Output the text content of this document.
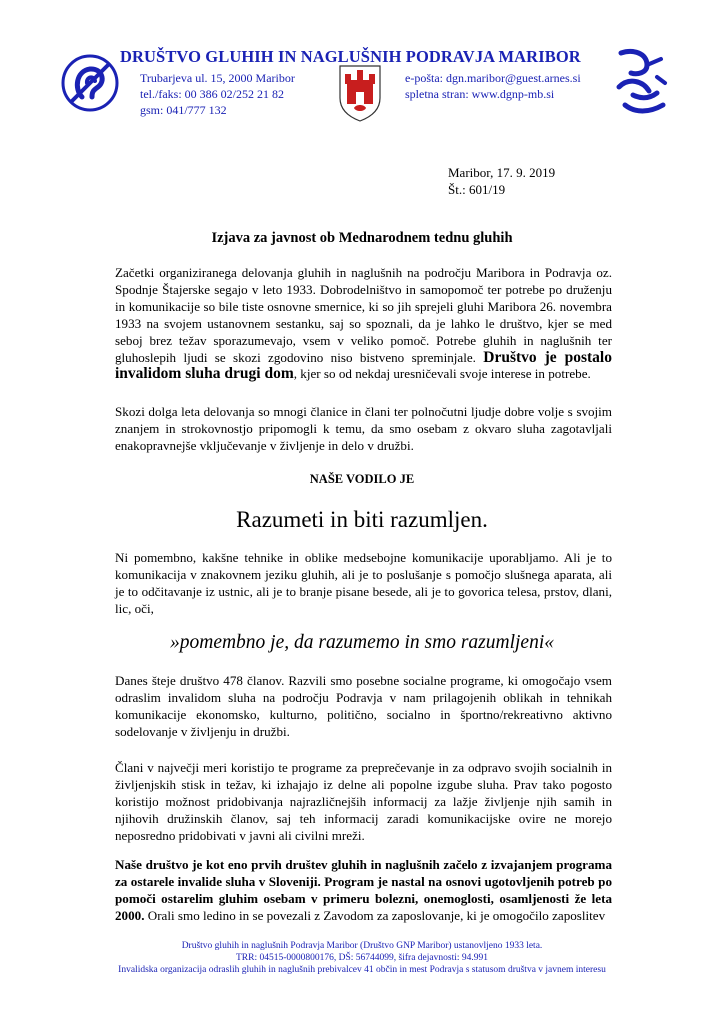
DRUŠTVO GLUHIH IN NAGLUŠNIH PODRAVJA MARIBOR
Trubarjeva ul. 15, 2000 Maribor
tel./faks: 00 386 02/252 21 82
gsm: 041/777 132
e-pošta: dgn.maribor@guest.arnes.si
spletna stran: www.dgnp-mb.si
Maribor, 17. 9. 2019
Št.: 601/19
Izjava za javnost ob Mednarodnem tednu gluhih
Začetki organiziranega delovanja gluhih in naglušnih na področju Maribora in Podravja oz. Spodnje Štajerske segajo v leto 1933. Dobrodelništvo in samopomoč ter potrebe po druženju in komunikacije so bile tiste osnovne smernice, ki so jih sprejeli gluhi Maribora 26. novembra 1933 na svojem ustanovnem sestanku, saj so spoznali, da je lahko le društvo, kjer se med seboj brez težav sporazumevajo, vsem v veliko pomoč. Potrebe gluhih in naglušnih ter gluhoslepih ljudi se skozi zgodovino niso bistveno spreminjale. Društvo je postalo invalidom sluha drugi dom, kjer so od nekdaj uresničevali svoje interese in potrebe.
Skozi dolga leta delovanja so mnogi članice in člani ter polnočutni ljudje dobre volje s svojim znanjem in strokovnostjo pripomogli k temu, da smo osebam z okvaro sluha zagotavljali enakopravnejše vključevanje v življenje in delo v družbi.
NAŠE VODILO JE
Razumeti in biti razumljen.
Ni pomembno, kakšne tehnike in oblike medsebojne komunikacije uporabljamo. Ali je to komunikacija v znakovnem jeziku gluhih, ali je to poslušanje s pomočjo slušnega aparata, ali je to odčitavanje iz ustnic, ali je to branje pisane besede, ali je to govorica telesa, prstov, dlani, lic, oči,
»pomembno je, da razumemo in smo razumljeni«
Danes šteje društvo 478 članov. Razvili smo posebne socialne programe, ki omogočajo vsem odraslim invalidom sluha na področju Podravja v nam prilagojenih oblikah in tehnikah komunikacije ekonomsko, kulturno, politično, socialno in športno/rekreativno aktivno sodelovanje v življenju in družbi.
Člani v največji meri koristijo te programe za preprečevanje in za odpravo svojih socialnih in življenjskih stisk in težav, ki izhajajo iz delne ali popolne izgube sluha. Prav tako pogosto koristijo možnost pridobivanja najrazličnejših informacij za lažje življenje njih samih in njihovih družinskih članov, saj teh informacij zaradi komunikacijske ovire ne morejo neposredno pridobivati v javni ali civilni mreži.
Naše društvo je kot eno prvih društev gluhih in naglušnih začelo z izvajanjem programa za ostarele invalide sluha v Sloveniji. Program je nastal na osnovi ugotovljenih potreb po pomoči ostarelim gluhim osebam v primeru bolezni, onemoglosti, osamljenosti že leta 2000. Orali smo ledino in se povezali z Zavodom za zaposlovanje, ki je omogočilo zaposlitev
Društvo gluhih in naglušnih Podravja Maribor (Društvo GNP Maribor) ustanovljeno 1933 leta.
TRR: 04515-0000800176, DŠ: 56744099, šifra dejavnosti: 94.991
Invalidska organizacija odraslih gluhih in naglušnih prebivalcev 41 občin in mest Podravja s statusom društva v javnem interesu
